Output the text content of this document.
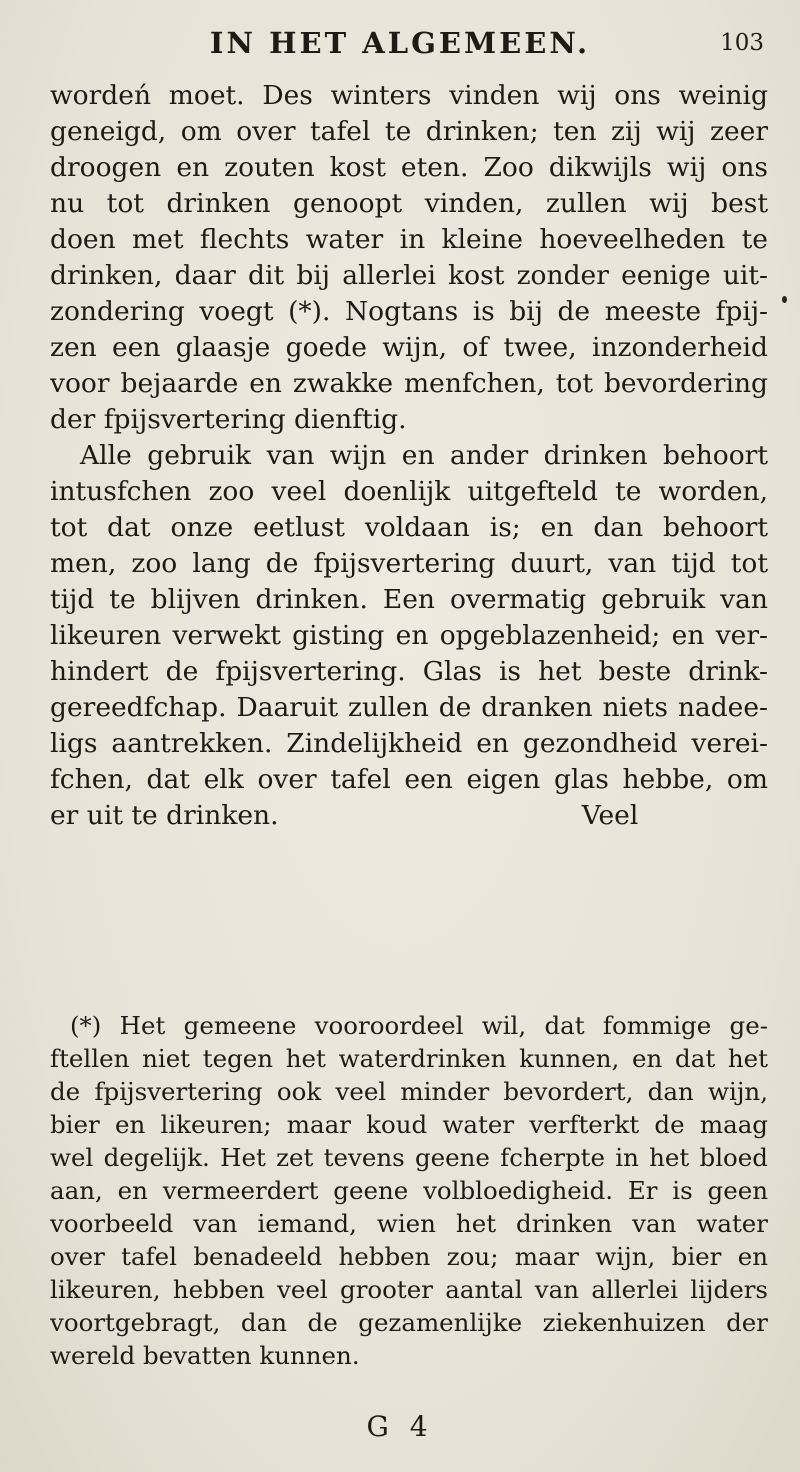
IN HET ALGEMEEN.	103
wordeń moet. Des winters vinden wij ons weinig
geneigd, om over tafel te drinken; ten zij wij zeer
droogen en zouten kost eten. Zoo dikwijls wij ons
nu tot drinken genoopt vinden, zullen wij best
doen met flechts water in kleine hoeveelheden te
drinken, daar dit bij allerlei kost zonder eenige uit-
zondering voegt (*). Nogtans is bij de meeste fpij-
zen een glaasje goede wijn, of twee, inzonderheid
voor bejaarde en zwakke menfchen, tot bevordering
der fpijsvertering dienftig.
Alle gebruik van wijn en ander drinken behoort
intusfchen zoo veel doenlijk uitgefteld te worden,
tot dat onze eetlust voldaan is; en dan behoort
men, zoo lang de fpijsvertering duurt, van tijd tot
tijd te blijven drinken. Een overmatig gebruik van
likeuren verwekt gisting en opgeblazenheid; en ver-
hindert de fpijsvertering. Glas is het beste drink-
gereedfchap. Daaruit zullen de dranken niets nadee-
ligs aantrekken. Zindelijkheid en gezondheid verei-
fchen, dat elk over tafel een eigen glas hebbe, om
er uit te drinken.                                    Veel
(*) Het gemeene vooroordeel wil, dat fommige ge-
ftellen niet tegen het waterdrinken kunnen, en dat het
de fpijsvertering ook veel minder bevordert, dan wijn,
bier en likeuren; maar koud water verfterkt de maag
wel degelijk. Het zet tevens geene fcherpte in het bloed
aan, en vermeerdert geene volbloedigheid. Er is geen
voorbeeld van iemand, wien het drinken van water
over tafel benadeeld hebben zou; maar wijn, bier en
likeuren, hebben veel grooter aantal van allerlei lijders
voortgebragt, dan de gezamenlijke ziekenhuizen der
wereld bevatten kunnen.
G 4
